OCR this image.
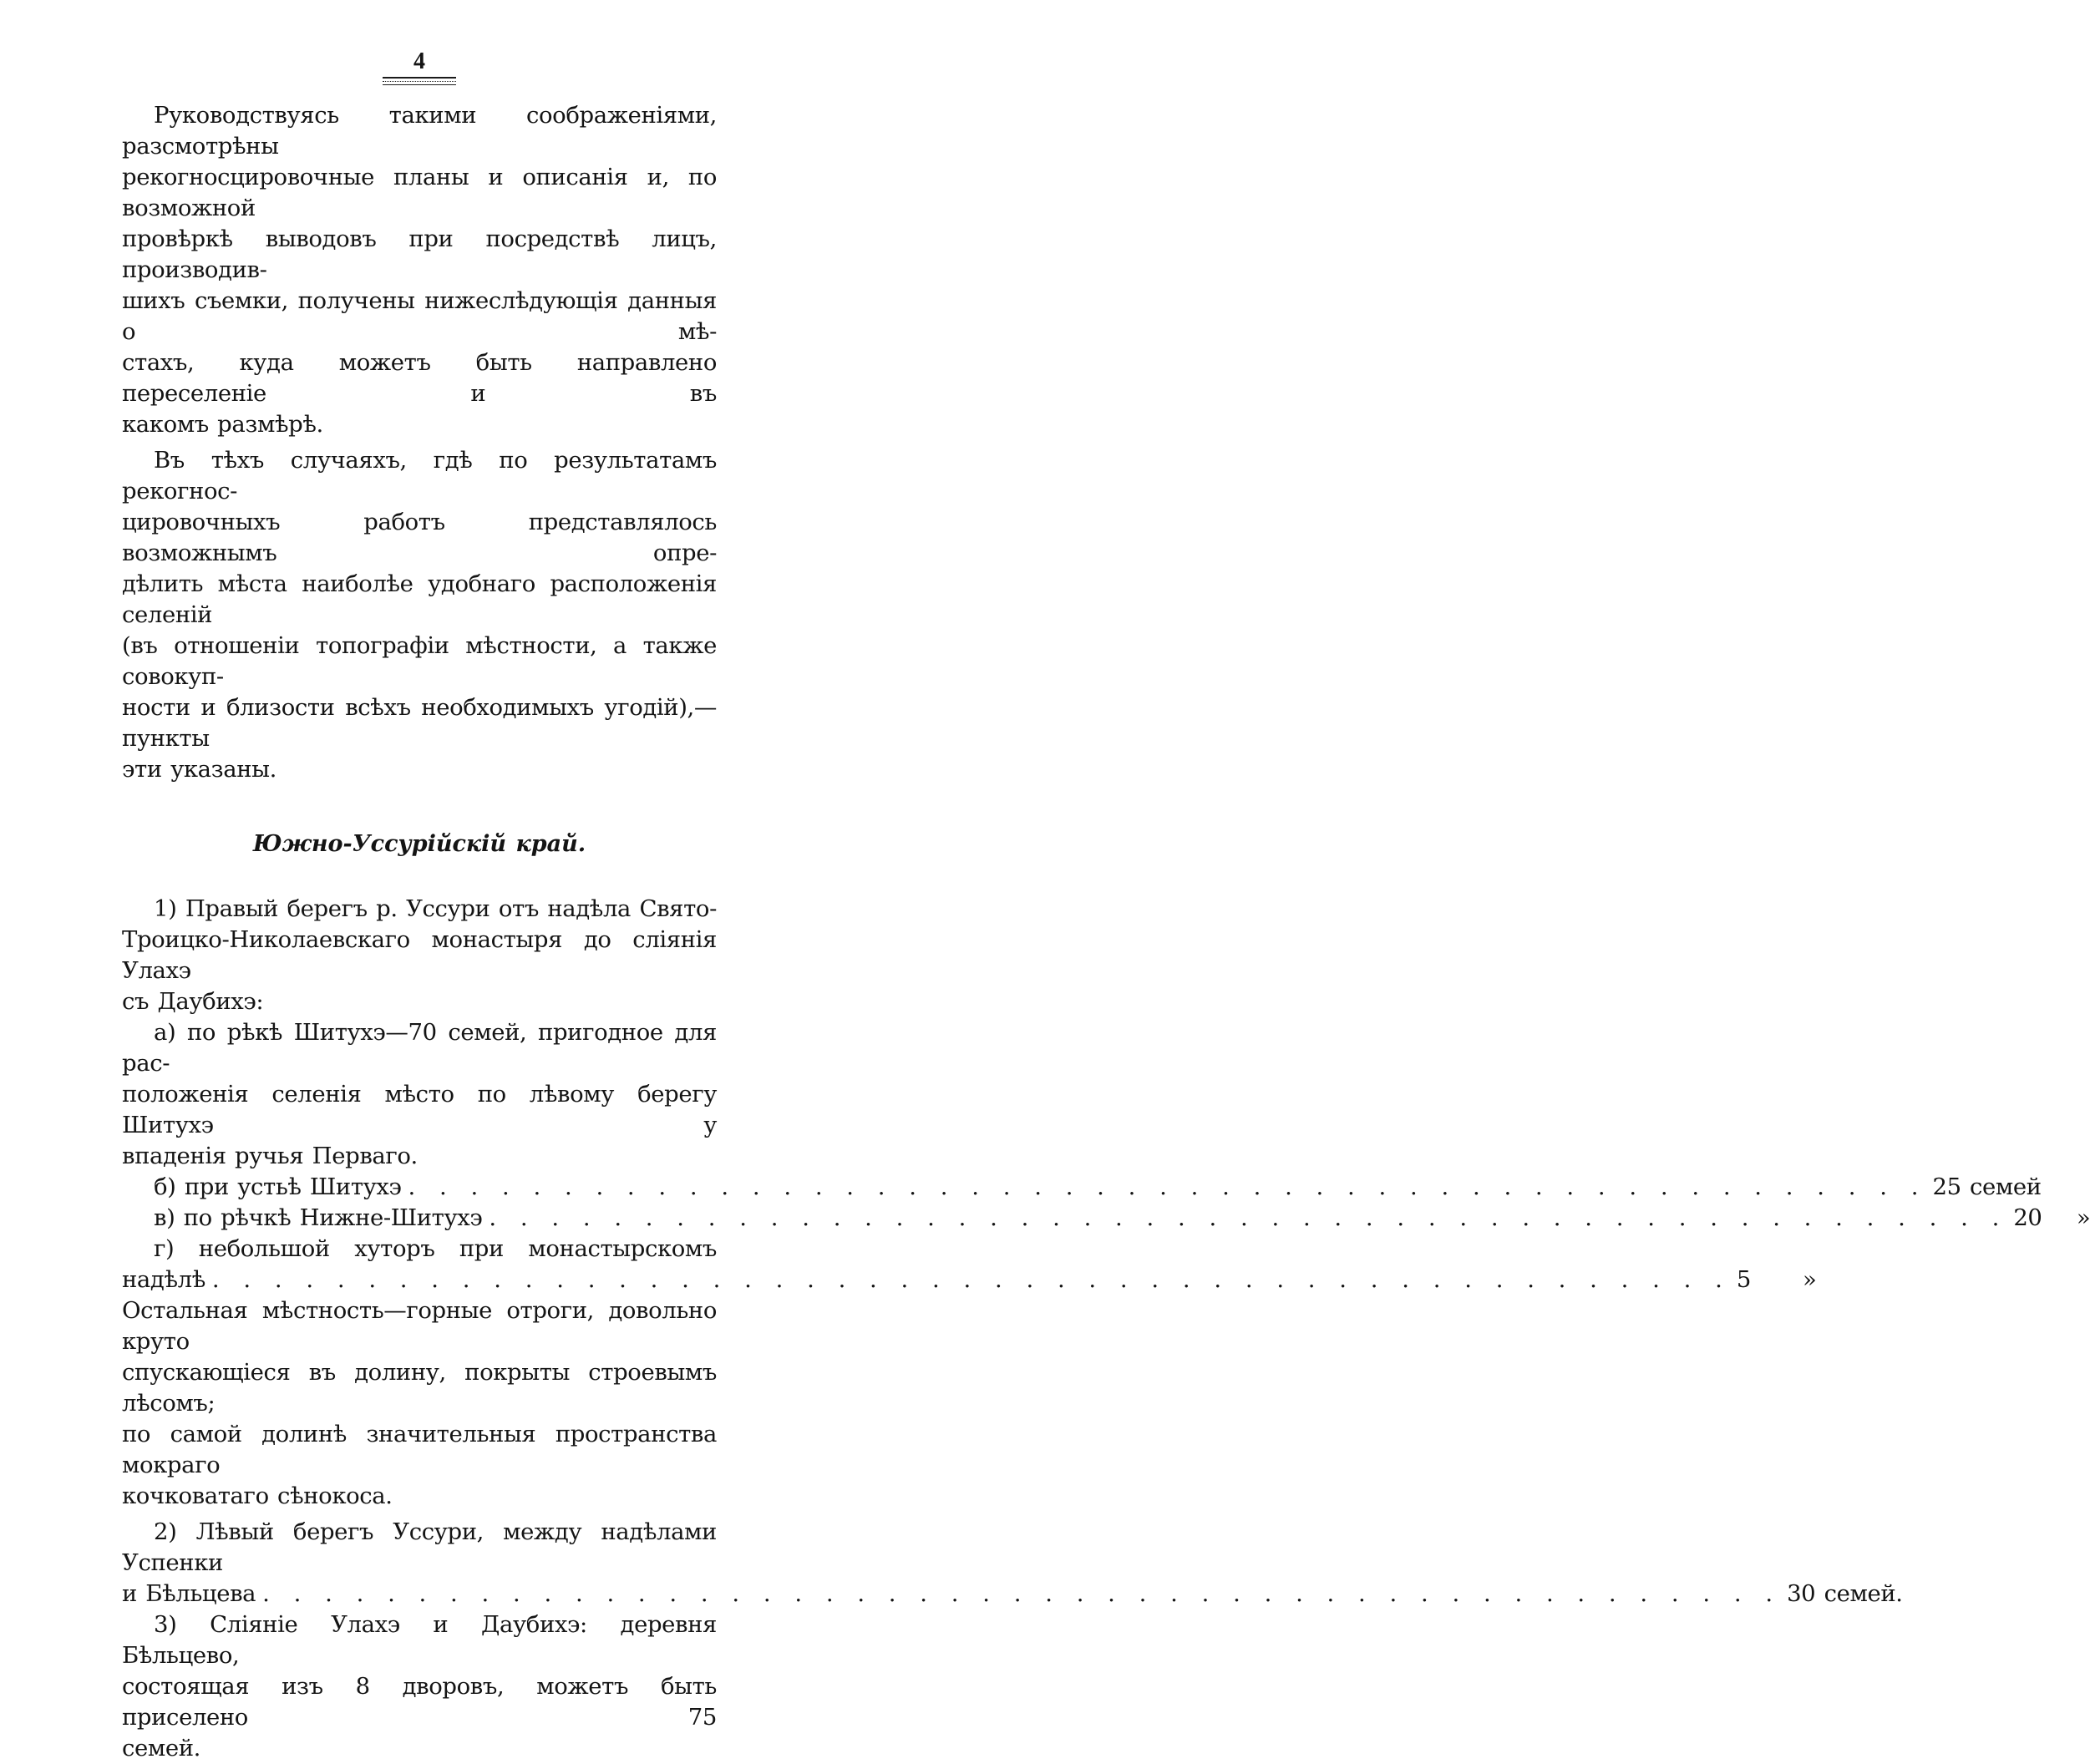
4

Руководствуясь такими соображеніями, разсмотрѣны

рекогносцировочные планы и описанія и, по возможной

провѣркѣ выводовъ при посредствѣ лицъ, производив-

шихъ съемки, получены нижеслѣдующія данныя о мѣ-

стахъ, куда можетъ быть направлено переселеніе и въ

какомъ размѣрѣ.

Въ тѣхъ случаяхъ, гдѣ по результатамъ рекогнос-

цировочныхъ работъ представлялось возможнымъ опре-

дѣлить мѣста наиболѣе удобнаго расположенія селеній

(въ отношеніи топографіи мѣстности, а также совокуп-

ности и близости всѣхъ необходимыхъ угодій),—пункты

эти указаны.

Южно-Уссурійскій край.

1) Правый берегъ р. Уссури отъ надѣла Свято-

Троицко-Николаевскаго монастыря до сліянія Улахэ

съ Даубихэ:

а) по рѣкѣ Шитухэ—70 семей, пригодное для рас-

положенія селенія мѣсто по лѣвому берегу Шитухэ у

впаденія ручья Перваго.

б) при устьѣ Шитухэ . . . . . . . . . . . . . . . . . . . . . . . . . . . . . . . . . . . . . . . . . . . . . . . . . 25 семей
в) по рѣчкѣ Нижне-Шитухэ . . . . . . . . . . . . . . . . . . . . . . . . . . . . . . . . . . . . . . . . . . . . . . . . . 20    »

г) небольшой хуторъ при монастырскомъ

надѣлѣ . . . . . . . . . . . . . . . . . . . . . . . . . . . . . . . . . . . . . . . . . . . . . . . . . 5      »

Остальная мѣстность—горные отроги, довольно круто

спускающіеся въ долину, покрыты строевымъ лѣсомъ;

по самой долинѣ значительныя пространства мокраго

кочковатаго сѣнокоса.

2) Лѣвый берегъ Уссури, между надѣлами Успенки

и Бѣльцева . . . . . . . . . . . . . . . . . . . . . . . . . . . . . . . . . . . . . . . . . . . . . . . . . 30 семей.

3) Сліяніе Улахэ и Даубихэ: деревня Бѣльцево,

состоящая изъ 8 дворовъ, можетъ быть приселено 75

семей.
